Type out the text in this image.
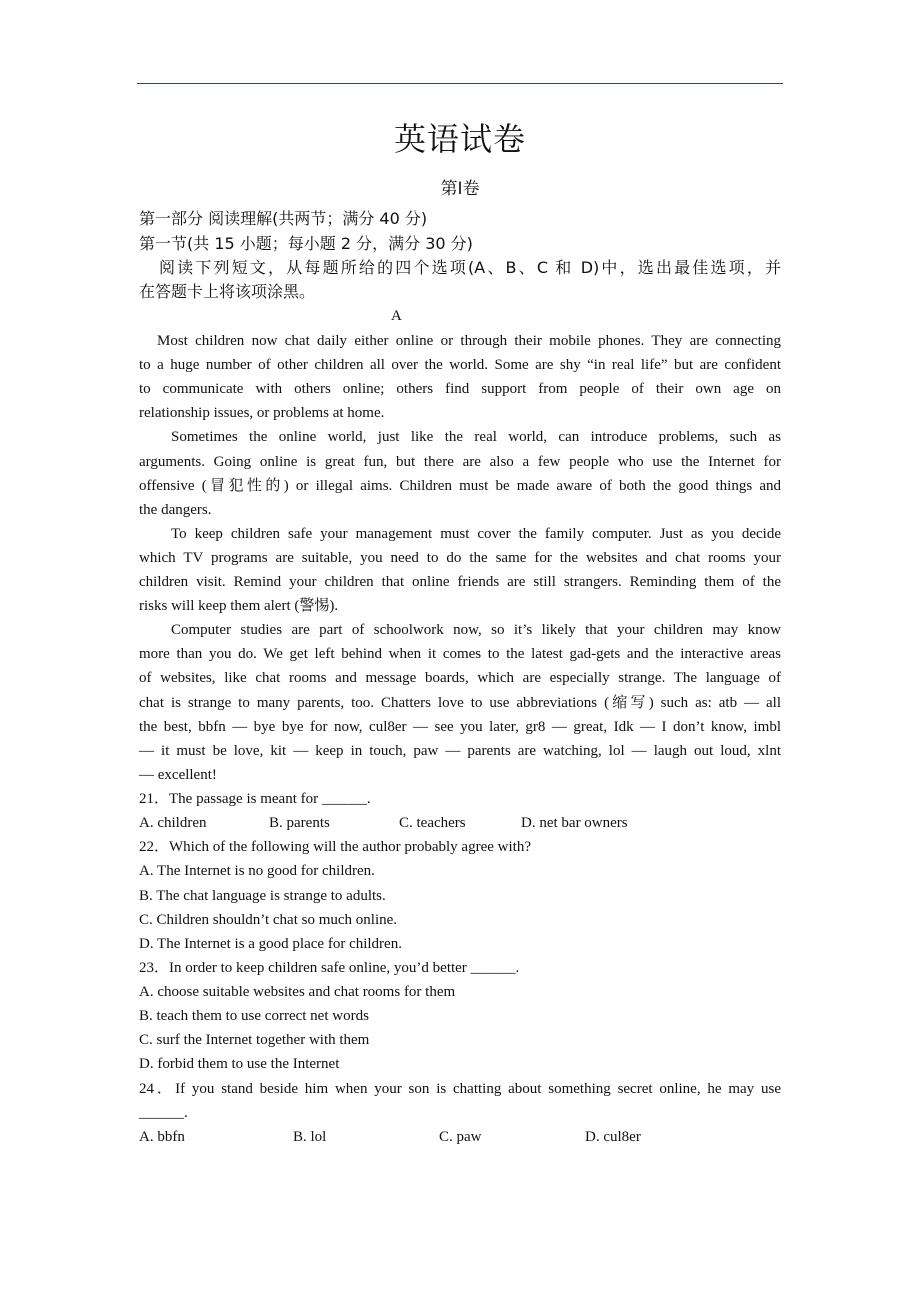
英语试卷
第Ⅰ卷
第一部分 阅读理解(共两节；满分 40 分)
第一节(共 15 小题；每小题 2 分，满分 30 分)
阅读下列短文，从每题所给的四个选项(A、B、C 和 D)中，选出最佳选项，并
在答题卡上将该项涂黑。
A
Most children now chat daily either online or through their mobile phones. They are connecting
to a huge number of other children all over the world. Some are shy “in real life” but are confident
to communicate with others online; others find support from people of their own age on
relationship issues, or problems at home.
Sometimes the online world, just like the real world, can introduce problems, such as
arguments. Going online is great fun, but there are also a few people who use the Internet for
offensive (冒犯性的) or illegal aims. Children must be made aware of both the good things and
the dangers.
To keep children safe your management must cover the family computer. Just as you decide
which TV programs are suitable, you need to do the same for the websites and chat rooms your
children visit. Remind your children that online friends are still strangers. Reminding them of the
risks will keep them alert (警惕).
Computer studies are part of schoolwork now, so it’s likely that your children may know
more than you do. We get left behind when it comes to the latest gad-gets and the interactive areas
of websites, like chat rooms and message boards, which are especially strange. The language of
chat is strange to many parents, too. Chatters love to use abbreviations (缩写) such as: atb — all
the best, bbfn — bye bye for now, cul8er — see you later, gr8 — great, Idk — I don’t know, imbl
— it must be love, kit — keep in touch, paw — parents are watching, lol — laugh out loud, xlnt
— excellent!
21．The passage is meant for ______.
A. children	B. parents	C. teachers	D. net bar owners
22．Which of the following will the author probably agree with?
A. The Internet is no good for children.
B. The chat language is strange to adults.
C. Children shouldn’t chat so much online.
D. The Internet is a good place for children.
23．In order to keep children safe online, you’d better ______.
A. choose suitable websites and chat rooms for them
B. teach them to use correct net words
C. surf the Internet together with them
D. forbid them to use the Internet
24．If you stand beside him when your son is chatting about something secret online, he may use
______.
A. bbfn	B. lol	C. paw	D. cul8er
